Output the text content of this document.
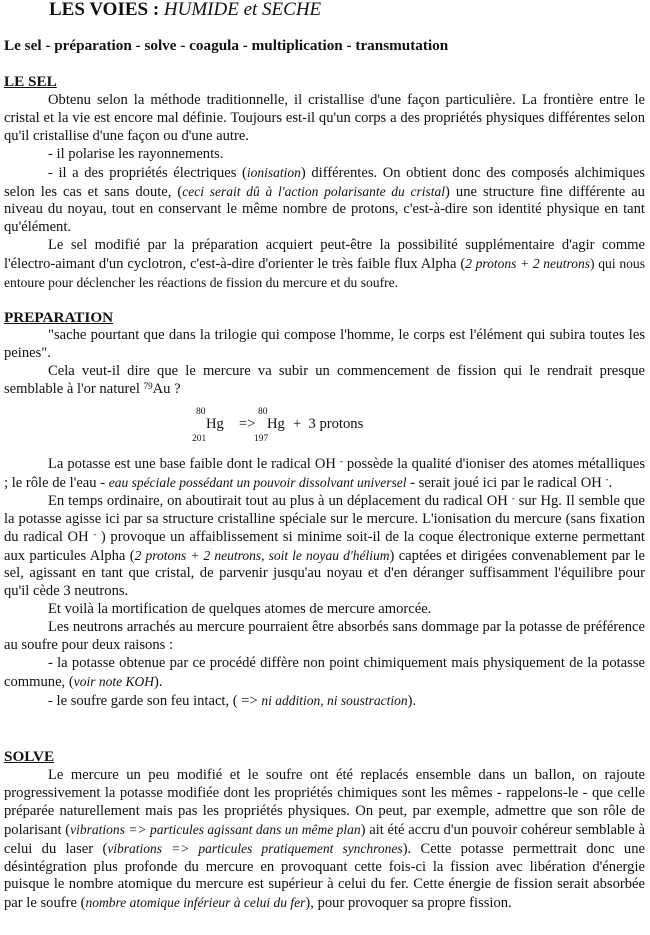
LES VOIES : HUMIDE et SECHE
Le sel - préparation - solve - coagula - multiplication - transmutation
LE SEL

Obtenu selon la méthode traditionnelle, il cristallise d'une façon particulière. La frontière entre le cristal et la vie est encore mal définie. Toujours est-il qu'un corps a des propriétés physiques différentes selon qu'il cristallise d'une façon ou d'une autre.

- il polarise les rayonnements.

- il a des propriétés électriques (ionisation) différentes. On obtient donc des composés alchimiques selon les cas et sans doute, (ceci serait dû à l'action polarisante du cristal) une structure fine différente au niveau du noyau, tout en conservant le même nombre de protons, c'est-à-dire son identité physique en tant qu'élément.

Le sel modifié par la préparation acquiert peut-être la possibilité supplémentaire d'agir comme l'électro-aimant d'un cyclotron, c'est-à-dire d'orienter le très faible flux Alpha (2 protons + 2 neutrons) qui nous entoure pour déclencher les réactions de fission du mercure et du soufre.

PREPARATION

"sache pourtant que dans la trilogie qui compose l'homme, le corps est l'élément qui subira toutes les peines".

Cela veut-il dire que le mercure va subir un commencement de fission qui le rendrait presque semblable à l'or naturel $^{79}$Au ?

80
Hg
201
=>
80
Hg
197
+  3 protons

La potasse est une base faible dont le radical OH - possède la qualité d'ioniser des atomes métalliques ; le rôle de l'eau - eau spéciale possédant un pouvoir dissolvant universel - serait joué ici par le radical OH -.

En temps ordinaire, on aboutirait tout au plus à un déplacement du radical OH - sur Hg. Il semble que la potasse agisse ici par sa structure cristalline spéciale sur le mercure. L'ionisation du mercure (sans fixation du radical OH - ) provoque un affaiblissement si minime soit-il de la coque électronique externe permettant aux particules Alpha (2 protons + 2 neutrons, soit le noyau d'hélium) captées et dirigées convenablement par le sel, agissant en tant que cristal, de parvenir jusqu'au noyau et d'en déranger suffisamment l'équilibre pour qu'il cède 3 neutrons.

Et voilà la mortification de quelques atomes de mercure amorcée.

Les neutrons arrachés au mercure pourraient être absorbés sans dommage par la potasse de préférence au soufre pour deux raisons :

- la potasse obtenue par ce procédé diffère non point chimiquement mais physiquement de la potasse commune, (voir note KOH).

- le soufre garde son feu intact, ( => ni addition, ni soustraction).

SOLVE

Le mercure un peu modifié et le soufre ont été replacés ensemble dans un ballon, on rajoute progressivement la potasse modifiée dont les propriétés chimiques sont les mêmes - rappelons-le - que celle préparée naturellement mais pas les propriétés physiques. On peut, par exemple, admettre que son rôle de polarisant (vibrations => particules agissant dans un même plan) ait été accru d'un pouvoir cohéreur semblable à celui du laser (vibrations => particules pratiquement synchrones). Cette potasse permettrait donc une désintégration plus profonde du mercure en provoquant cette fois-ci la fission avec libération d'énergie puisque le nombre atomique du mercure est supérieur à celui du fer. Cette énergie de fission serait absorbée par le soufre (nombre atomique inférieur à celui du fer), pour provoquer sa propre fission.
